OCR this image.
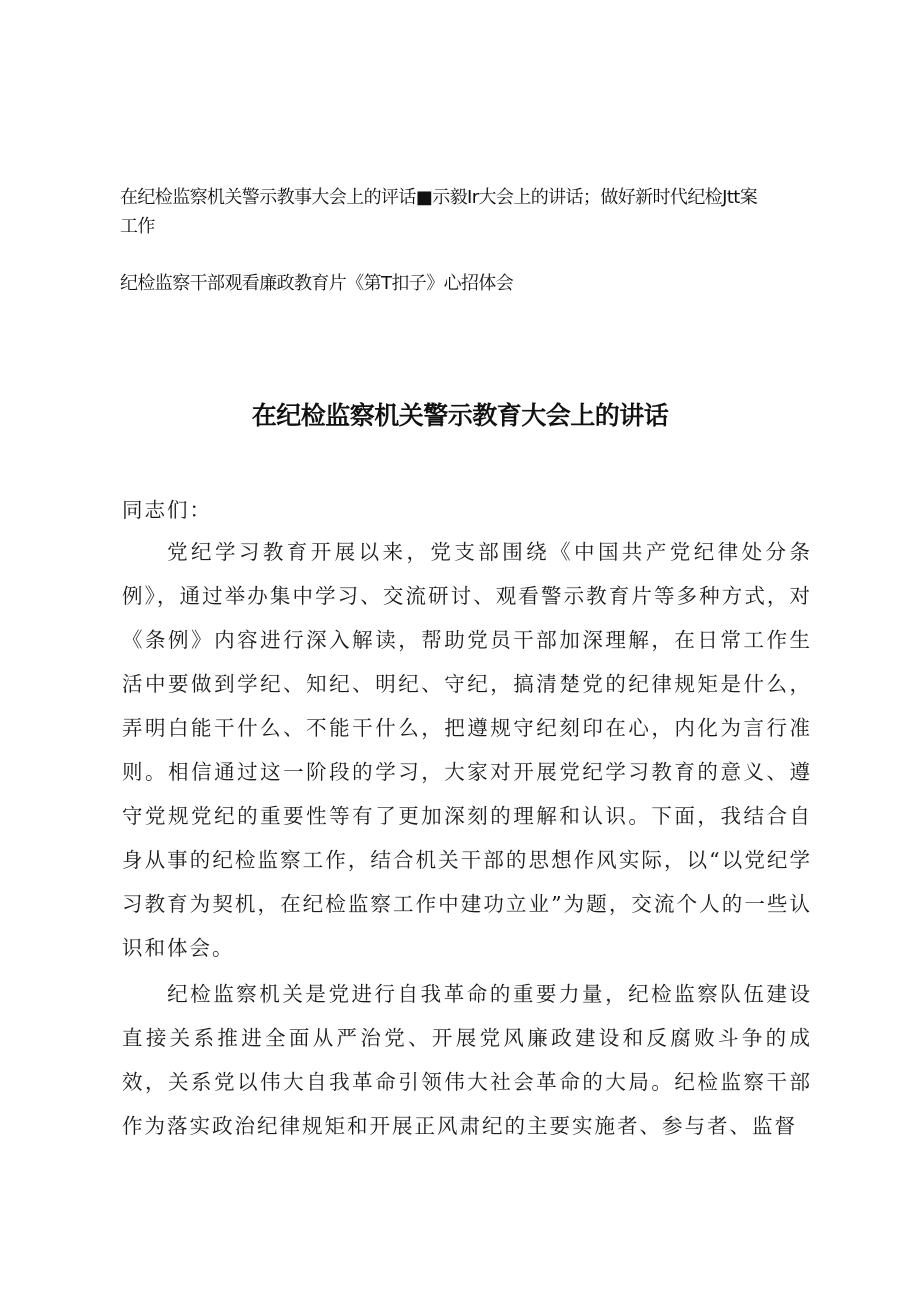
在纪检监察机关警示教事大会上的评话■示毅Ir大会上的讲话；做好新时代纪检Jtt案

工作

纪检监察干部观看廉政教育片《第T扣子》心招体会

在纪检监察机关警示教育大会上的讲话

同志们：

党纪学习教育开展以来，党支部围绕《中国共产党纪律处分条例》，通过举办集中学习、交流研讨、观看警示教育片等多种方式，对《条例》内容进行深入解读，帮助党员干部加深理解，在日常工作生活中要做到学纪、知纪、明纪、守纪，搞清楚党的纪律规矩是什么，弄明白能干什么、不能干什么，把遵规守纪刻印在心，内化为言行准则。相信通过这一阶段的学习，大家对开展党纪学习教育的意义、遵守党规党纪的重要性等有了更加深刻的理解和认识。下面，我结合自身从事的纪检监察工作，结合机关干部的思想作风实际，以“以党纪学习教育为契机，在纪检监察工作中建功立业”为题，交流个人的一些认识和体会。

纪检监察机关是党进行自我革命的重要力量，纪检监察队伍建设直接关系推进全面从严治党、开展党风廉政建设和反腐败斗争的成效，关系党以伟大自我革命引领伟大社会革命的大局。纪检监察干部作为落实政治纪律规矩和开展正风肃纪的主要实施者、参与者、监督
